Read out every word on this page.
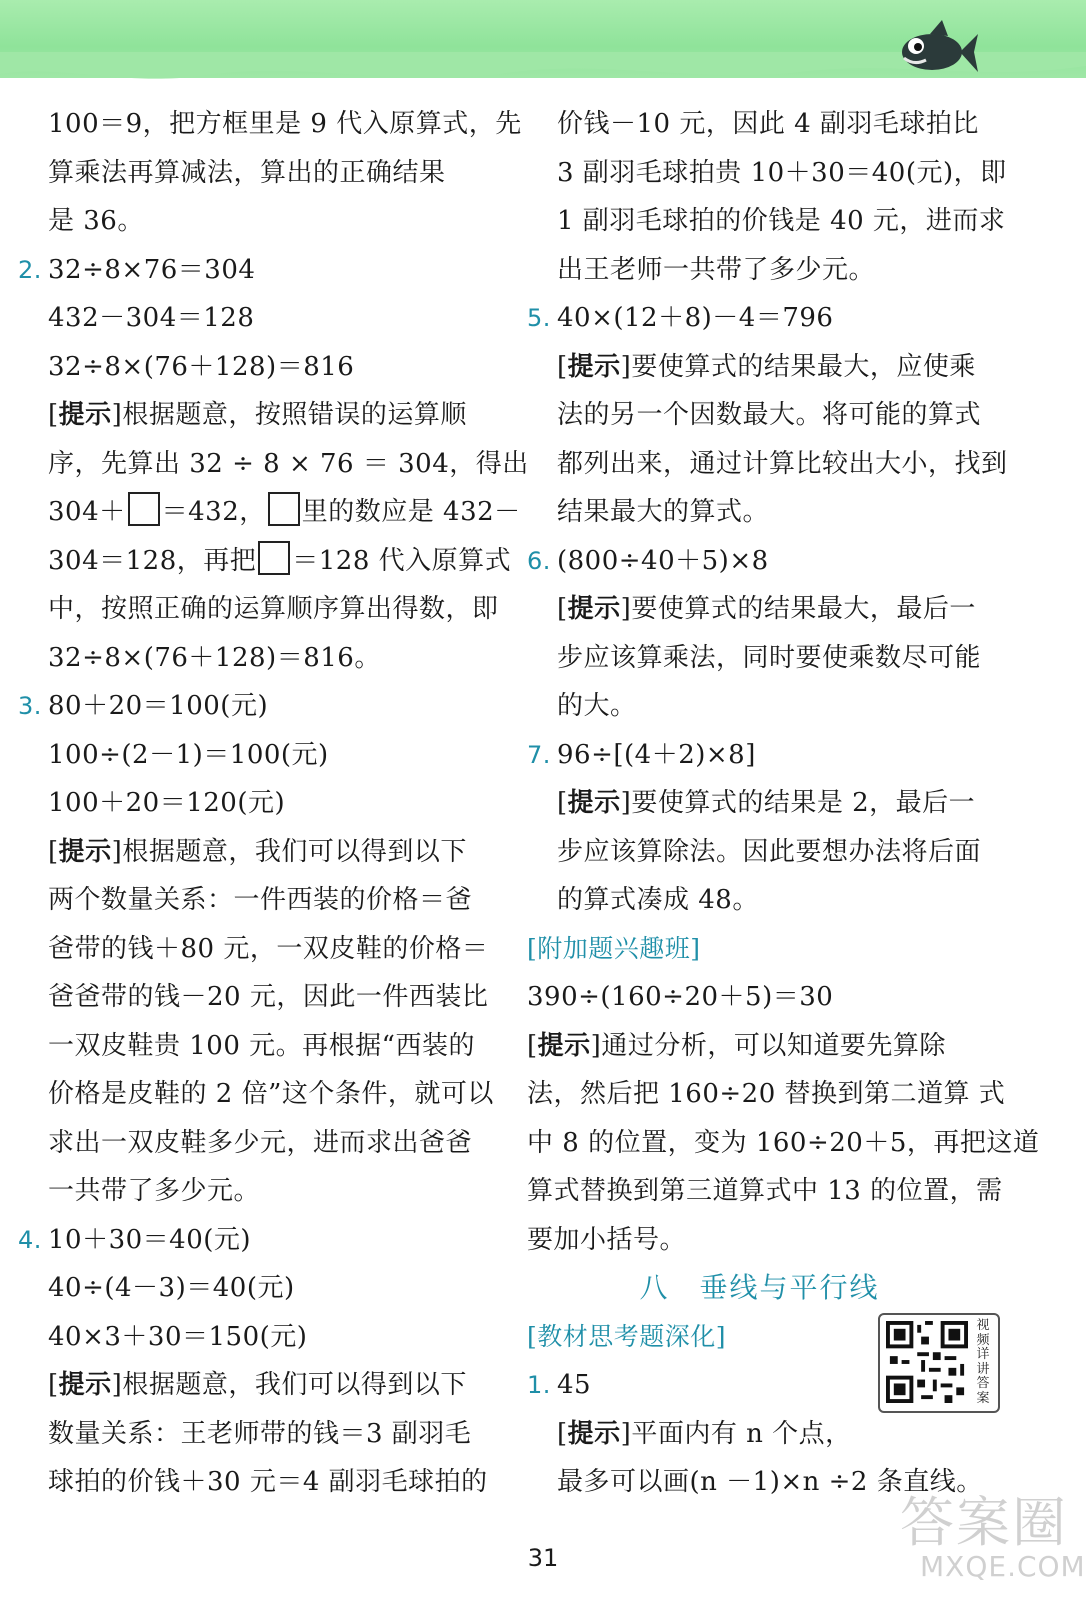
100＝9，把方框里是 9 代入原算式，先
算乘法再算减法，算出的正确结果
是 36。
2. 32÷8×76＝304
432－304＝128
32÷8×(76＋128)＝816
[提示]根据题意，按照错误的运算顺
序，先算出 32 ÷ 8 × 76 ＝ 304，得出
304＋ ＝432， 里的数应是 432－
304＝128，再把 ＝128 代入原算式
中，按照正确的运算顺序算出得数，即
32÷8×(76＋128)＝816。
3. 80＋20＝100(元)
100÷(2－1)＝100(元)
100＋20＝120(元)
[提示]根据题意，我们可以得到以下
两个数量关系：一件西装的价格＝爸
爸带的钱＋80 元，一双皮鞋的价格＝
爸爸带的钱－20 元，因此一件西装比
一双皮鞋贵 100 元。再根据“西装的
价格是皮鞋的 2 倍”这个条件，就可以
求出一双皮鞋多少元，进而求出爸爸
一共带了多少元。
4. 10＋30＝40(元)
40÷(4－3)＝40(元)
40×3＋30＝150(元)
[提示]根据题意，我们可以得到以下
数量关系：王老师带的钱＝3 副羽毛
球拍的价钱＋30 元＝4 副羽毛球拍的
价钱－10 元，因此 4 副羽毛球拍比
3 副羽毛球拍贵 10＋30＝40(元)，即
1 副羽毛球拍的价钱是 40 元，进而求
出王老师一共带了多少元。
5. 40×(12＋8)－4＝796
[提示]要使算式的结果最大，应使乘
法的另一个因数最大。将可能的算式
都列出来，通过计算比较出大小，找到
结果最大的算式。
6. (800÷40＋5)×8
[提示]要使算式的结果最大，最后一
步应该算乘法，同时要使乘数尽可能
的大。
7. 96÷[(4＋2)×8]
[提示]要使算式的结果是 2，最后一
步应该算除法。因此要想办法将后面
的算式凑成 48。
[附加题兴趣班]
390÷(160÷20＋5)＝30
[提示]通过分析，可以知道要先算除
法，然后把 160÷20 替换到第二道算 式
中 8 的位置，变为 160÷20＋5，再把这道
算式替换到第三道算式中 13 的位置，需
要加小括号。
八　垂线与平行线
[教材思考题深化]
1. 45
[提示]平面内有 n 个点，
最多可以画(n －1)×n ÷2 条直线。
视频详讲答案
31
答案圈
MXQE.COM
